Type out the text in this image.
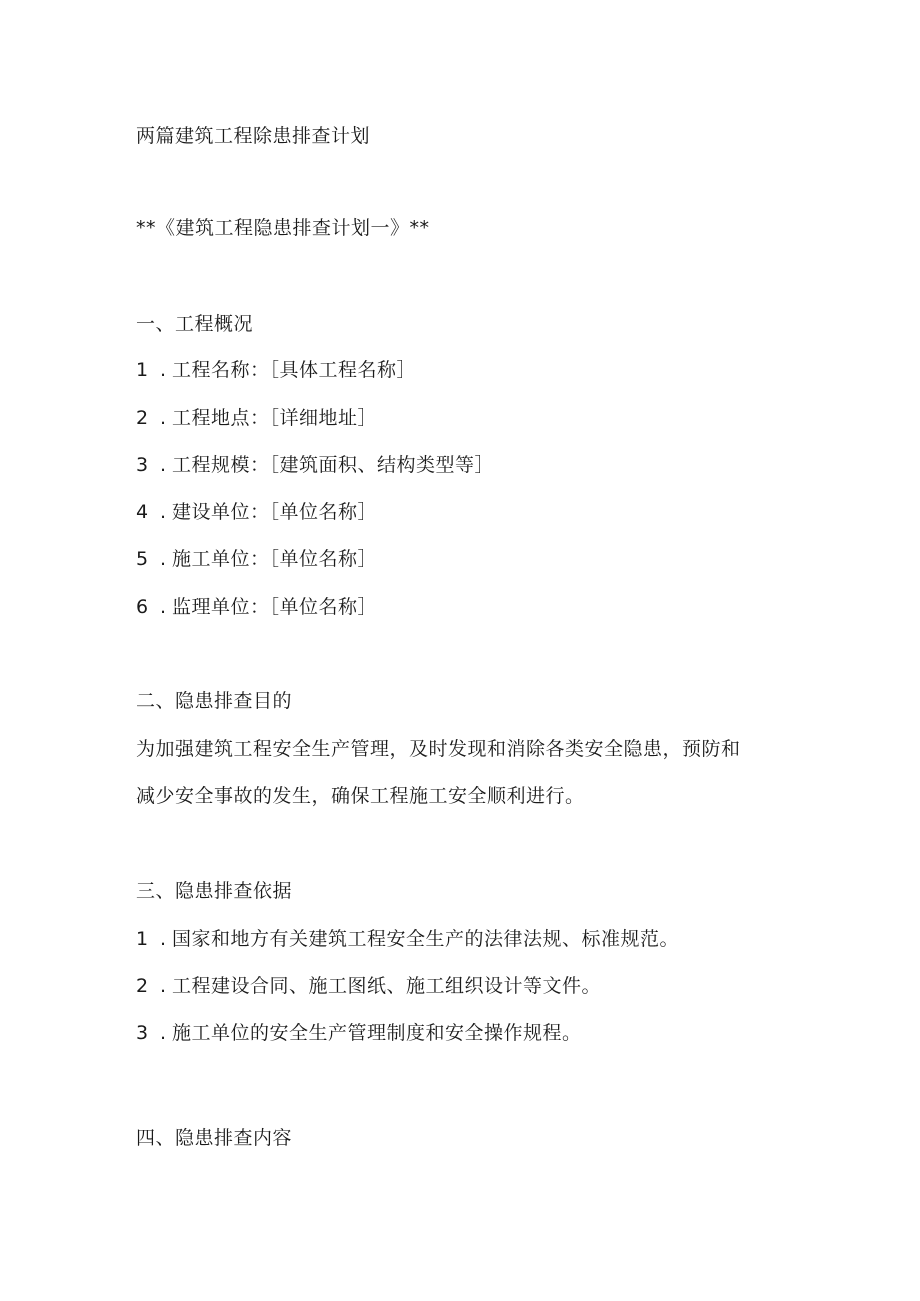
两篇建筑工程除患排查计划
**《建筑工程隐患排查计划一》**
一、工程概况
1 . 工程名称：［具体工程名称］
2 . 工程地点：［详细地址］
3 . 工程规模：［建筑面积、结构类型等］
4 . 建设单位：［单位名称］
5 . 施工单位：［单位名称］
6 . 监理单位：［单位名称］
二、隐患排查目的
为加强建筑工程安全生产管理，及时发现和消除各类安全隐患，预防和
减少安全事故的发生，确保工程施工安全顺利进行。
三、隐患排查依据
1 . 国家和地方有关建筑工程安全生产的法律法规、标准规范。
2 . 工程建设合同、施工图纸、施工组织设计等文件。
3 . 施工单位的安全生产管理制度和安全操作规程。
四、隐患排查内容
